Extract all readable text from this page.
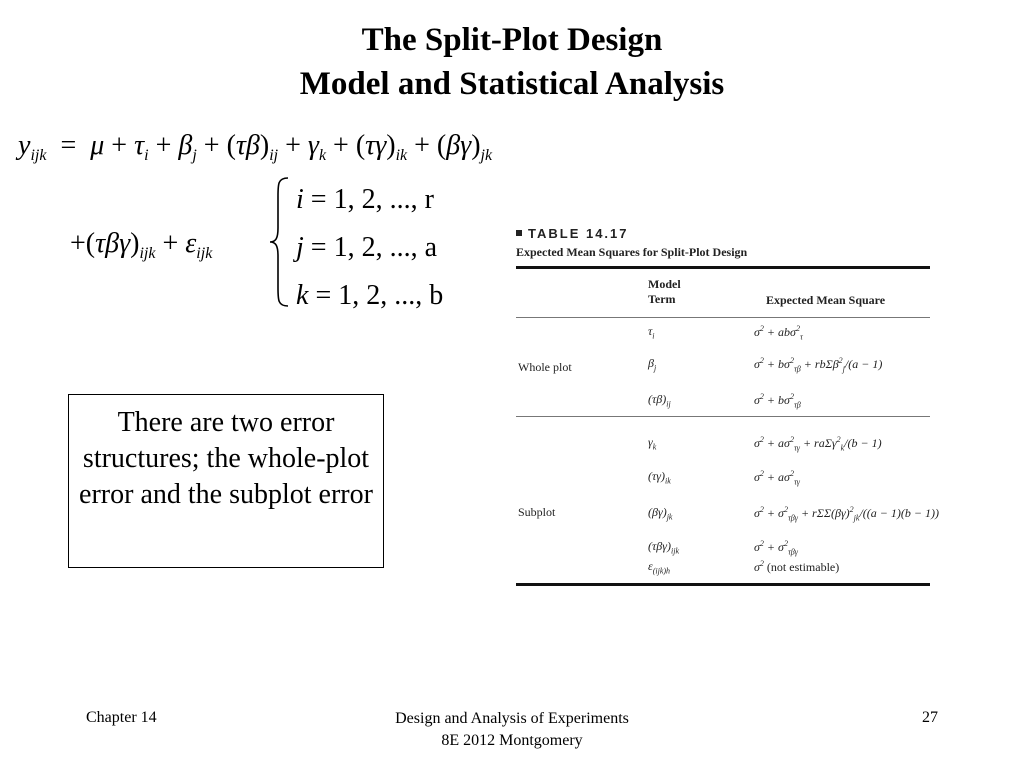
The Split-Plot Design
Model and Statistical Analysis
$y_{ijk} = \mu + \tau_i + \beta_j + (\tau\beta)_{ij} + \gamma_k + (\tau\gamma)_{ik} + (\beta\gamma)_{jk}$
$+(\tau\beta\gamma)_{ijk} + \varepsilon_{ijk}$
i = 1, 2, ..., r
j = 1, 2, ..., a
k = 1, 2, ..., b
There are two error structures; the whole-plot error and the subplot error
TABLE 14.17
Expected Mean Squares for Split-Plot Design
Model
Term	Expected Mean Square
Whole plot
$\tau_i$	$\sigma^2 + ab\sigma^2_\tau$
$\beta_j$	$\sigma^2 + b\sigma^2_{\tau\beta} + rb\Sigma\beta^2_j/(a - 1)$
$(\tau\beta)_{ij}$	$\sigma^2 + b\sigma^2_{\tau\beta}$
Subplot
$\gamma_k$	$\sigma^2 + a\sigma^2_{\tau\gamma} + ra\Sigma\gamma^2_k/(b - 1)$
$(\tau\gamma)_{ik}$	$\sigma^2 + a\sigma^2_{\tau\gamma}$
$(\beta\gamma)_{jk}$	$\sigma^2 + \sigma^2_{\tau\beta\gamma} + r\Sigma\Sigma(\beta\gamma)^2_{jk}/((a - 1)(b - 1))$
$(\tau\beta\gamma)_{ijk}$	$\sigma^2 + \sigma^2_{\tau\beta\gamma}$
$\varepsilon_{(ijk)h}$	$\sigma^2$ (not estimable)
Chapter 14	Design and Analysis of Experiments
8E 2012 Montgomery
27
